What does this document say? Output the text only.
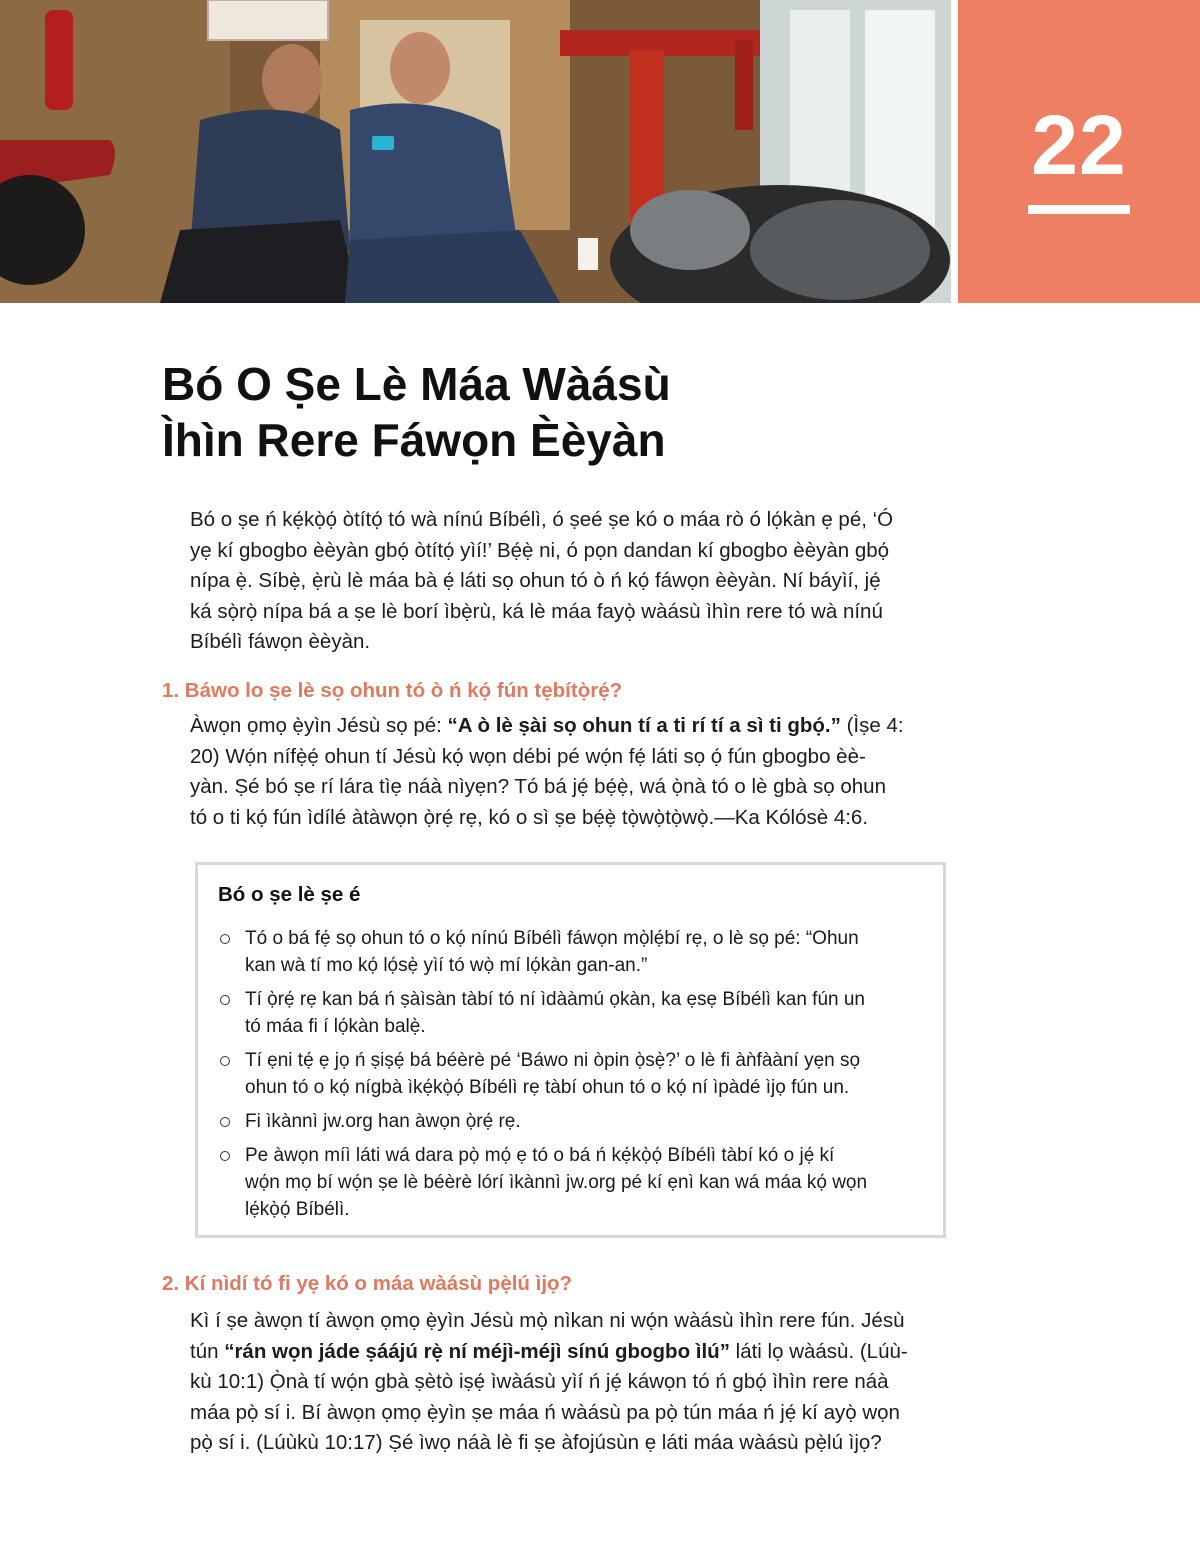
22
Bó O Ṣe Lè Máa Wàásù
Ìhìn Rere Fáwọn Èèyàn

Bó o ṣe ń kẹ́kọ̀ọ́ òtítọ́ tó wà nínú Bíbélì, ó ṣeé ṣe kó o máa rò ó lọ́kàn ẹ pé, ‘Ó
yẹ kí gbogbo èèyàn gbọ́ òtítọ́ yìí!’ Bẹ́ẹ̀ ni, ó pọn dandan kí gbogbo èèyàn gbọ́
nípa ẹ̀. Síbẹ̀, ẹ̀rù lè máa bà ẹ́ láti sọ ohun tó ò ń kọ́ fáwọn èèyàn. Ní báyìí, jẹ́
ká sọ̀rọ̀ nípa bá a ṣe lè borí ìbẹ̀rù, ká lè máa fayọ̀ wàásù ìhìn rere tó wà nínú
Bíbélì fáwọn èèyàn.

1. Báwo lo ṣe lè sọ ohun tó ò ń kọ́ fún tẹbítọ̀rẹ́?

Àwọn ọmọ ẹ̀yìn Jésù sọ pé: “A ò lè ṣài sọ ohun tí a ti rí tí a sì ti gbọ́.” (Ìṣe 4:
20) Wọ́n nífẹ̀ẹ́ ohun tí Jésù kọ́ wọn débi pé wọ́n fẹ́ láti sọ ọ́ fún gbogbo èè-
yàn. Ṣé bó ṣe rí lára tìẹ náà nìyẹn? Tó bá jẹ́ bẹ́ẹ̀, wá ọ̀nà tó o lè gbà sọ ohun
tó o ti kọ́ fún ìdílé àtàwọn ọ̀rẹ́ rẹ, kó o sì ṣe bẹ́ẹ̀ tọ̀wọ̀tọ̀wọ̀.—Ka Kólósè 4:6.

Bó o ṣe lè ṣe é
Tó o bá fẹ́ sọ ohun tó o kọ́ nínú Bíbélì fáwọn mọ̀lẹ́bí rẹ, o lè sọ pé: “Ohun
kan wà tí mo kọ́ lọ́sẹ̀ yìí tó wọ̀ mí lọ́kàn gan-an.”
Tí ọ̀rẹ́ rẹ kan bá ń ṣàìsàn tàbí tó ní ìdààmú ọkàn, ka ẹsẹ Bíbélì kan fún un
tó máa fi í lọ́kàn balẹ̀.
Tí ẹni tẹ́ ẹ jọ ń ṣiṣẹ́ bá béèrè pé ‘Báwo ni òpin ọ̀sẹ̀?’ o lè fi àǹfààní yẹn sọ
ohun tó o kọ́ nígbà ìkẹ́kọ̀ọ́ Bíbélì rẹ tàbí ohun tó o kọ́ ní ìpàdé ìjọ fún un.
Fi ìkànnì jw.org han àwọn ọ̀rẹ́ rẹ.
Pe àwọn míì láti wá dara pọ̀ mọ́ ẹ tó o bá ń kẹ́kọ̀ọ́ Bíbélì tàbí kó o jẹ́ kí
wọ́n mọ bí wọ́n ṣe lè béèrè lórí ìkànnì jw.org pé kí ẹnì kan wá máa kọ́ wọn
lẹ́kọ̀ọ́ Bíbélì.
2. Kí nìdí tó fi yẹ kó o máa wàásù pẹ̀lú ìjọ?

Kì í ṣe àwọn tí àwọn ọmọ ẹ̀yìn Jésù mọ̀ nìkan ni wọ́n wàásù ìhìn rere fún. Jésù
tún “rán wọn jáde ṣáájú rẹ̀ ní méjì-méjì sínú gbogbo ìlú” láti lọ wàásù. (Lúù-
kù 10:1) Ọ̀nà tí wọ́n gbà ṣètò iṣẹ́ ìwàásù yìí ń jẹ́ káwọn tó ń gbọ́ ìhìn rere náà
máa pọ̀ sí i. Bí àwọn ọmọ ẹ̀yìn ṣe máa ń wàásù pa pọ̀ tún máa ń jẹ́ kí ayọ̀ wọn
pọ̀ sí i. (Lúùkù 10:17) Ṣé ìwọ náà lè fi ṣe àfojúsùn ẹ láti máa wàásù pẹ̀lú ìjọ?
